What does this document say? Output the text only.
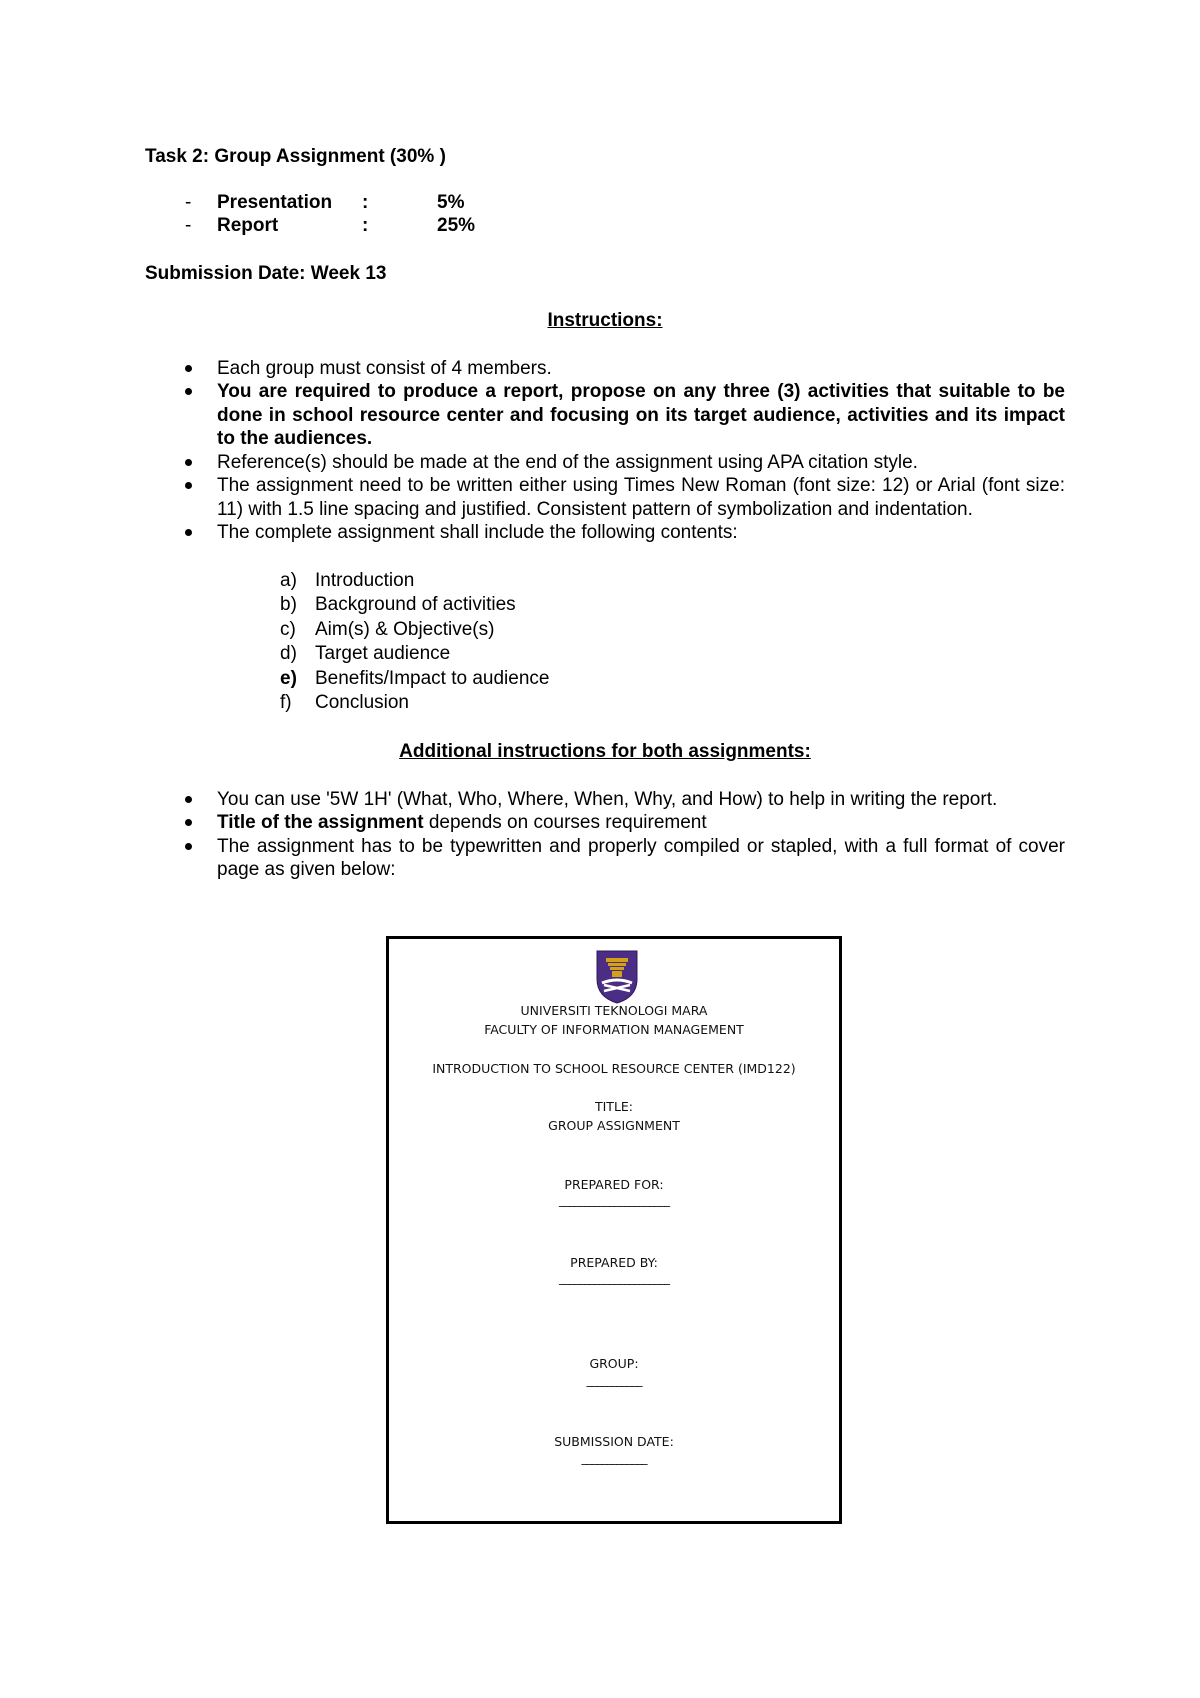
Task 2: Group Assignment (30% )

-	Presentation	:	5%
-	Report	:	25%

Submission Date: Week 13

Instructions:
Each group must consist of 4 members.
You are required to produce a report, propose on any three (3) activities that suitable to be done in school resource center and focusing on its target audience, activities and its impact to the audiences.
Reference(s) should be made at the end of the assignment using APA citation style.
The assignment need to be written either using Times New Roman (font size: 12) or Arial (font size: 11) with 1.5 line spacing and justified. Consistent pattern of symbolization and indentation.
The complete assignment shall include the following contents:
a) Introduction
b) Background of activities
c)	Aim(s) & Objective(s)
d) Target audience
e) Benefits/Impact to audience
f)	Conclusion
Additional instructions for both assignments:
You can use '5W 1H' (What, Who, Where, When, Why, and How) to help in writing the report.
Title of the assignment depends on courses requirement
The assignment has to be typewritten and properly compiled or stapled, with a full format of cover page as given below:
UNIVERSITI TEKNOLOGI MARA
FACULTY OF INFORMATION MANAGEMENT
INTRODUCTION TO SCHOOL RESOURCE CENTER (IMD122)
TITLE:
GROUP ASSIGNMENT
PREPARED FOR:
______________________
PREPARED BY:
______________________
GROUP:
___________
SUBMISSION DATE:
_____________
